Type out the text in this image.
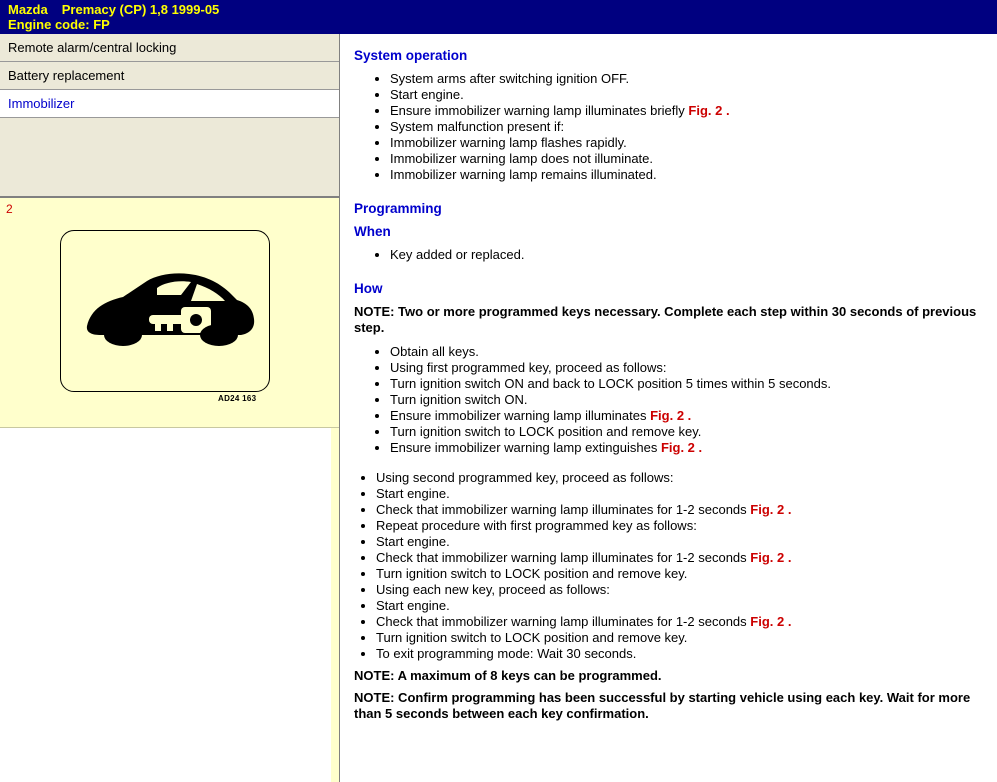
Mazda Premacy (CP) 1,8 1999-05
Engine code: FP
Remote alarm/central locking
Battery replacement
Immobilizer
2
AD24 163
System operation
• System arms after switching ignition OFF.
• Start engine.
• Ensure immobilizer warning lamp illuminates briefly Fig. 2 .
• System malfunction present if:
• Immobilizer warning lamp flashes rapidly.
• Immobilizer warning lamp does not illuminate.
• Immobilizer warning lamp remains illuminated.
Programming
When
• Key added or replaced.
How

NOTE: Two or more programmed keys necessary. Complete each step within 30 seconds of previous step.

• Obtain all keys.
• Using first programmed key, proceed as follows:
• Turn ignition switch ON and back to LOCK position 5 times within 5 seconds.
• Turn ignition switch ON.
• Ensure immobilizer warning lamp illuminates Fig. 2 .
• Turn ignition switch to LOCK position and remove key.
• Ensure immobilizer warning lamp extinguishes Fig. 2 .
• Using second programmed key, proceed as follows:
• Start engine.
• Check that immobilizer warning lamp illuminates for 1-2 seconds Fig. 2 .
• Repeat procedure with first programmed key as follows:
• Start engine.
• Check that immobilizer warning lamp illuminates for 1-2 seconds Fig. 2 .
• Turn ignition switch to LOCK position and remove key.
• Using each new key, proceed as follows:
• Start engine.
• Check that immobilizer warning lamp illuminates for 1-2 seconds Fig. 2 .
• Turn ignition switch to LOCK position and remove key.
• To exit programming mode: Wait 30 seconds.

NOTE: A maximum of 8 keys can be programmed.

NOTE: Confirm programming has been successful by starting vehicle using each key. Wait for more than 5 seconds between each key confirmation.
